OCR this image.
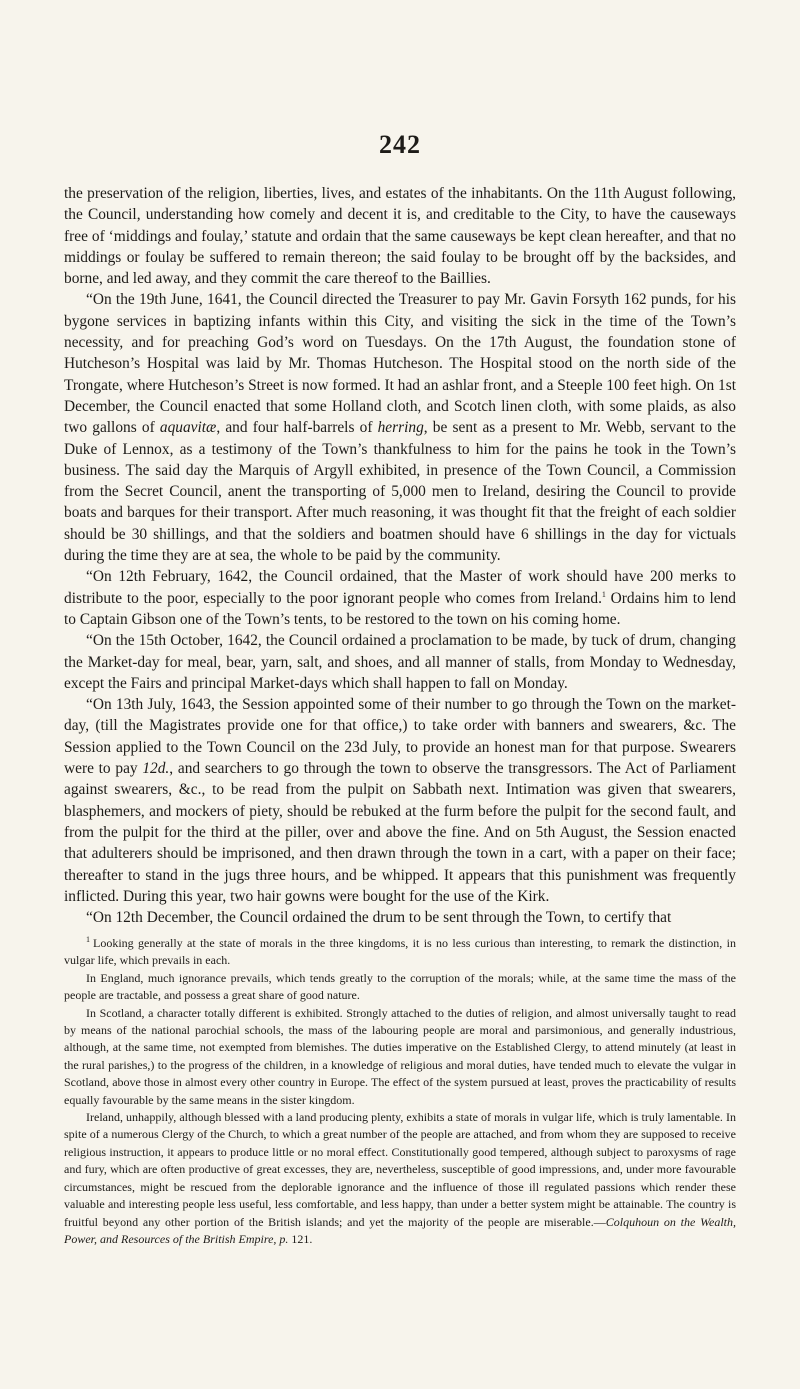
242

the preservation of the religion, liberties, lives, and estates of the inhabitants. On the 11th August following, the Council, understanding how comely and decent it is, and creditable to the City, to have the causeways free of ‘middings and foulay,’ statute and ordain that the same causeways be kept clean hereafter, and that no middings or foulay be suffered to remain thereon; the said foulay to be brought off by the backsides, and borne, and led away, and they commit the care thereof to the Baillies.

“On the 19th June, 1641, the Council directed the Treasurer to pay Mr. Gavin Forsyth 162 punds, for his bygone services in baptizing infants within this City, and visiting the sick in the time of the Town’s necessity, and for preaching God’s word on Tuesdays. On the 17th August, the foundation stone of Hutcheson’s Hospital was laid by Mr. Thomas Hutcheson. The Hospital stood on the north side of the Trongate, where Hutcheson’s Street is now formed. It had an ashlar front, and a Steeple 100 feet high. On 1st December, the Council enacted that some Holland cloth, and Scotch linen cloth, with some plaids, as also two gallons of aquavitæ, and four half-barrels of herring, be sent as a present to Mr. Webb, servant to the Duke of Lennox, as a testimony of the Town’s thankfulness to him for the pains he took in the Town’s business. The said day the Marquis of Argyll exhibited, in presence of the Town Council, a Commission from the Secret Council, anent the transporting of 5,000 men to Ireland, desiring the Council to provide boats and barques for their transport. After much reasoning, it was thought fit that the freight of each soldier should be 30 shillings, and that the soldiers and boatmen should have 6 shillings in the day for victuals during the time they are at sea, the whole to be paid by the community.

“On 12th February, 1642, the Council ordained, that the Master of work should have 200 merks to distribute to the poor, especially to the poor ignorant people who comes from Ireland.$^1$ Ordains him to lend to Captain Gibson one of the Town’s tents, to be restored to the town on his coming home.

“On the 15th October, 1642, the Council ordained a proclamation to be made, by tuck of drum, changing the Market-day for meal, bear, yarn, salt, and shoes, and all manner of stalls, from Monday to Wednesday, except the Fairs and principal Market-days which shall happen to fall on Monday.

“On 13th July, 1643, the Session appointed some of their number to go through the Town on the market-day, (till the Magistrates provide one for that office,) to take order with banners and swearers, &c. The Session applied to the Town Council on the 23d July, to provide an honest man for that purpose. Swearers were to pay 12d., and searchers to go through the town to observe the transgressors. The Act of Parliament against swearers, &c., to be read from the pulpit on Sabbath next. Intimation was given that swearers, blasphemers, and mockers of piety, should be rebuked at the furm before the pulpit for the second fault, and from the pulpit for the third at the piller, over and above the fine. And on 5th August, the Session enacted that adulterers should be imprisoned, and then drawn through the town in a cart, with a paper on their face; thereafter to stand in the jugs three hours, and be whipped. It appears that this punishment was frequently inflicted. During this year, two hair gowns were bought for the use of the Kirk.

“On 12th December, the Council ordained the drum to be sent through the Town, to certify that

$^1$ Looking generally at the state of morals in the three kingdoms, it is no less curious than interesting, to remark the distinction, in vulgar life, which prevails in each.

In England, much ignorance prevails, which tends greatly to the corruption of the morals; while, at the same time the mass of the people are tractable, and possess a great share of good nature.

In Scotland, a character totally different is exhibited. Strongly attached to the duties of religion, and almost universally taught to read by means of the national parochial schools, the mass of the labouring people are moral and parsimonious, and generally industrious, although, at the same time, not exempted from blemishes. The duties imperative on the Established Clergy, to attend minutely (at least in the rural parishes,) to the progress of the children, in a knowledge of religious and moral duties, have tended much to elevate the vulgar in Scotland, above those in almost every other country in Europe. The effect of the system pursued at least, proves the practicability of results equally favourable by the same means in the sister kingdom.

Ireland, unhappily, although blessed with a land producing plenty, exhibits a state of morals in vulgar life, which is truly lamentable. In spite of a numerous Clergy of the Church, to which a great number of the people are attached, and from whom they are supposed to receive religious instruction, it appears to produce little or no moral effect. Constitutionally good tempered, although subject to paroxysms of rage and fury, which are often productive of great excesses, they are, nevertheless, susceptible of good impressions, and, under more favourable circumstances, might be rescued from the deplorable ignorance and the influence of those ill regulated passions which render these valuable and interesting people less useful, less comfortable, and less happy, than under a better system might be attainable. The country is fruitful beyond any other portion of the British islands; and yet the majority of the people are miserable.—Colquhoun on the Wealth, Power, and Resources of the British Empire, p. 121.
